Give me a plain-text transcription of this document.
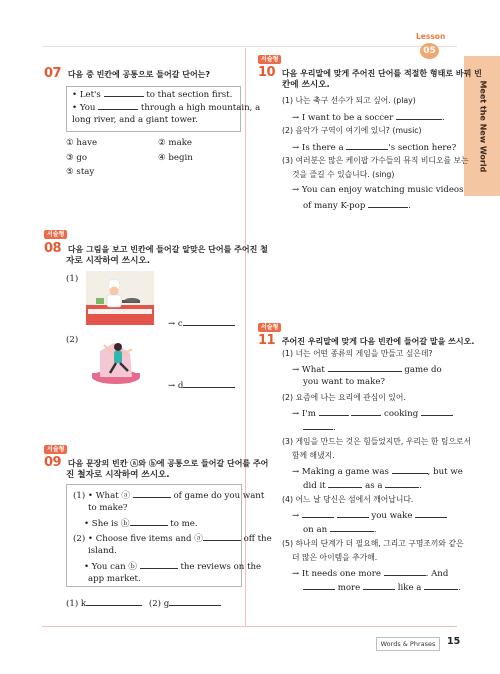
Lesson
05
Meet the New World
Words & Phrases	15
07 다음 중 빈칸에 공통으로 들어갈 단어는?
• Let's	to that section first.
• You	through a high mountain, a
long river, and a giant tower.
① have	② make
③ go	④ begin
⑤ stay
서술형
08 다음 그림을 보고 빈칸에 들어갈 알맞은 단어를 주어진 철
자로 시작하여 쓰시오.
(1)
→ c
(2)
→ d
서술형
09 다음 문장의 빈칸 ⓐ와 ⓑ에 공통으로 들어갈 단어를 주어
진 철자로 시작하여 쓰시오.
(1) • What ⓐ	of game do you want
to make?
• She is ⓑ	to me.
(2) • Choose five items and ⓐ	off the
island.
• You can ⓑ	the reviews on the
app market.
(1) k	(2) g
서술형
10 다음 우리말에 맞게 주어진 단어를 적절한 형태로 바꿔 빈
칸에 쓰시오.
(1) 나는 축구 선수가 되고 싶어. (play)
→ I want to be a soccer	.
(2) 음악가 구역이 여기에 있니? (music)
→ Is there a	's section here?
(3) 여러분은 많은 케이팝 가수들의 뮤직 비디오를 보는
것을 즐길 수 있습니다. (sing)
→ You can enjoy watching music videos
of many K-pop	.
서술형
11 주어진 우리말에 맞게 다음 빈칸에 들어갈 말을 쓰시오.
(1) 너는 어떤 종류의 게임을 만들고 싶은데?
→ What	game do
you want to make?
(2) 요즘에 나는 요리에 관심이 있어.
→ I'm	cooking
.
(3) 게임을 만드는 것은 힘들었지만, 우리는 한 팀으로서
함께 해냈지.
→ Making a game was	, but we
did it	as a	.
(4) 어느 날 당신은 섬에서 깨어납니다.
→	you wake
on an	.
(5) 하나의 단계가 더 필요해, 그리고 구명조끼와 같은
더 많은 아이템을 추가해.
→ It needs one more	. And
more	like a	.
